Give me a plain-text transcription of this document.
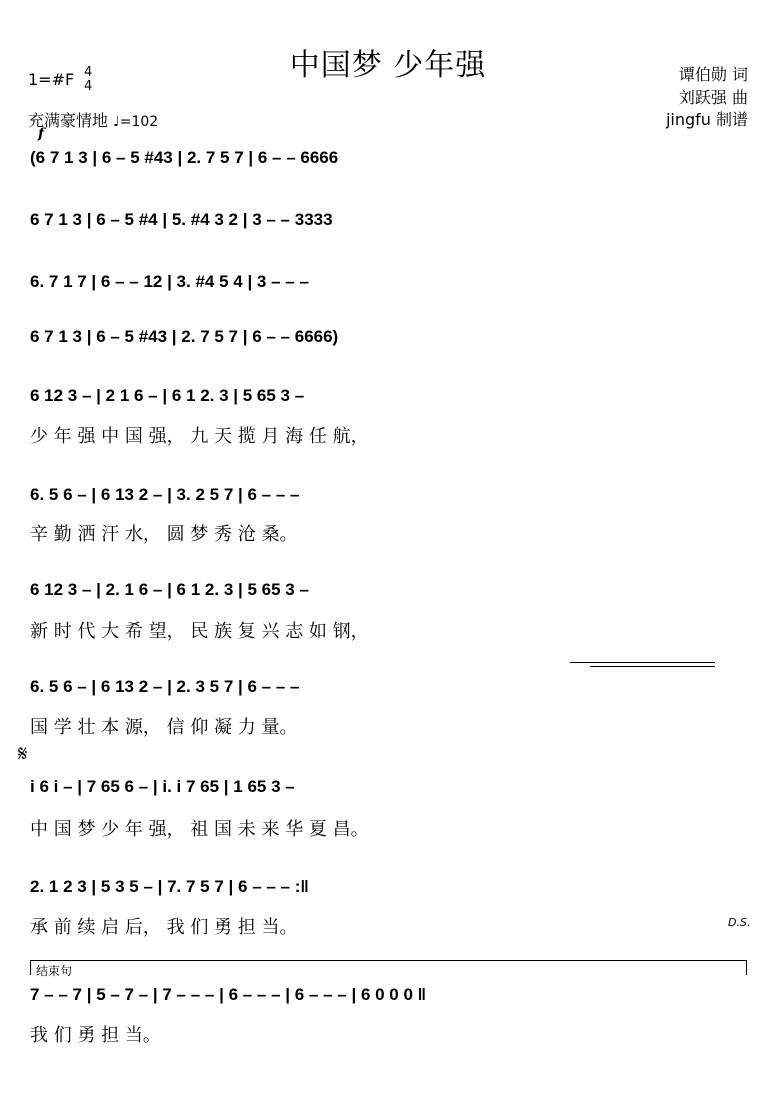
中国梦 少年强
1=#F 4
4
充满豪情地 ♩=102
f
谭伯勋 词
刘跃强 曲
jingfu 制谱
(6 7 1 3 | 6 – 5 #43 | 2. 7 5 7 | 6 – – 6666
6 7 1 3 | 6 – 5 #4 | 5. #4 3 2 | 3 – – 3333
6. 7 1 7 | 6 – – 12 | 3. #4 5 4 | 3 – – –
6 7 1 3 | 6 – 5 #43 | 2. 7 5 7 | 6 – – 6666)
6 12 3 – | 2 1 6 – | 6 1 2. 3 | 5 65 3 –
少 年 强 中 国 强， 九 天 揽 月 海 任 航，
6. 5 6 – | 6 13 2 – | 3. 2 5 7 | 6 – – –
辛 勤 洒 汗 水， 圆 梦 秀 沧 桑。
6 12 3 – | 2. 1 6 – | 6 1 2. 3 | 5 65 3 –
新 时 代 大 希 望， 民 族 复 兴 志 如 钢，
6. 5 6 – | 6 13 2 – | 2. 3 5 7 | 6 – – –
国 学 壮 本 源， 信 仰 凝 力 量。
𝄋
i 6 i – | 7 65 6 – | i. i 7 65 | 1 65 3 –
中 国 梦 少 年 强， 祖 国 未 来 华 夏 昌。
2. 1 2 3 | 5 3 5 – | 7. 7 5 7 | 6 – – – :‖
承 前 续 启 后， 我 们 勇 担 当。	D.S.
结束句
7 – – 7 | 5 – 7 – | 7 – – – | 6 – – – | 6 – – – | 6 0 0 0 ‖
我 们 勇 担 当。
